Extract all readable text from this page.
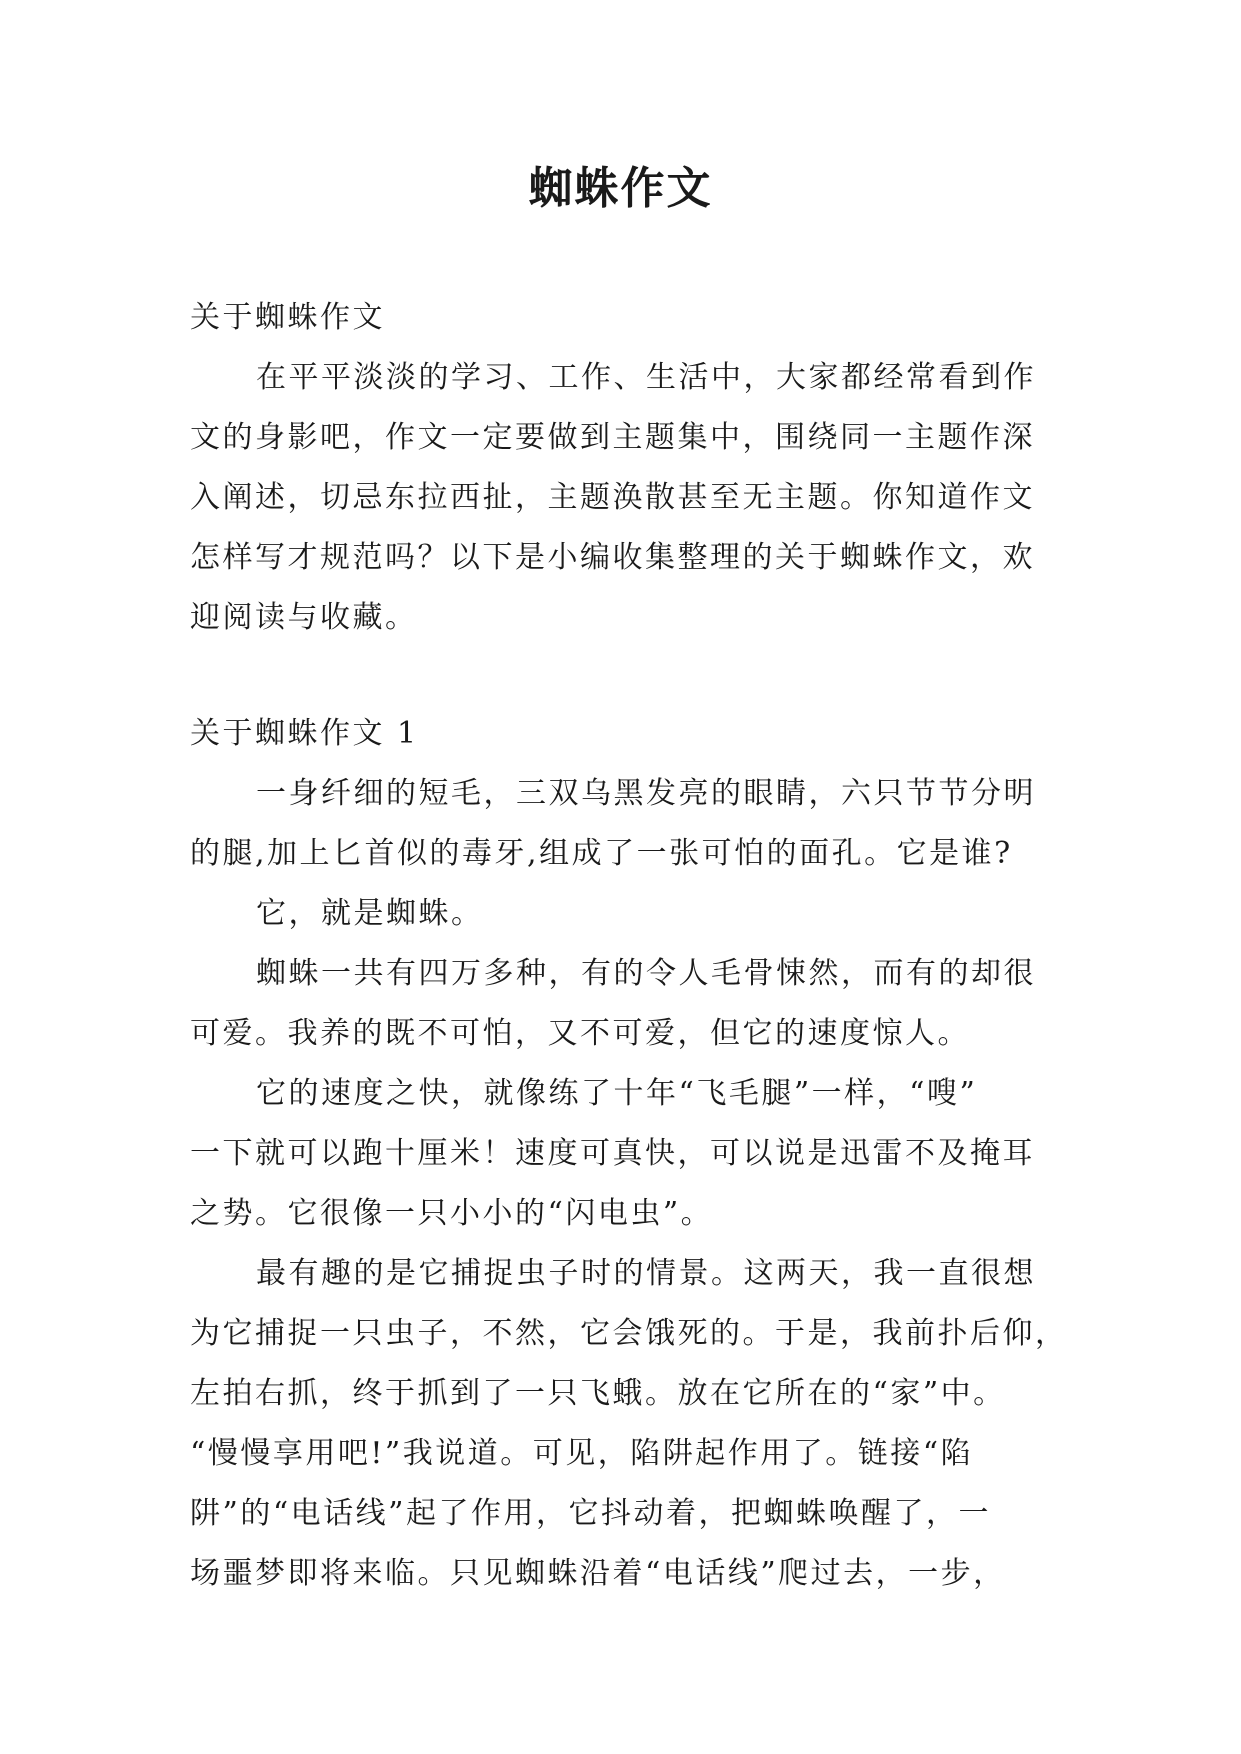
蜘蛛作文
关于蜘蛛作文
在平平淡淡的学习、工作、生活中，大家都经常看到作
文的身影吧，作文一定要做到主题集中，围绕同一主题作深
入阐述，切忌东拉西扯，主题涣散甚至无主题。你知道作文
怎样写才规范吗？以下是小编收集整理的关于蜘蛛作文，欢
迎阅读与收藏。
关于蜘蛛作文 1
一身纤细的短毛，三双乌黑发亮的眼睛，六只节节分明
的腿,加上匕首似的毒牙,组成了一张可怕的面孔。它是谁?
它，就是蜘蛛。
蜘蛛一共有四万多种，有的令人毛骨悚然，而有的却很
可爱。我养的既不可怕，又不可爱，但它的速度惊人。
它的速度之快，就像练了十年“飞毛腿”一样，“嗖”
一下就可以跑十厘米！速度可真快，可以说是迅雷不及掩耳
之势。它很像一只小小的“闪电虫”。
最有趣的是它捕捉虫子时的情景。这两天，我一直很想
为它捕捉一只虫子，不然，它会饿死的。于是，我前扑后仰，
左拍右抓，终于抓到了一只飞蛾。放在它所在的“家”中。
“慢慢享用吧!”我说道。可见，陷阱起作用了。链接“陷
阱”的“电话线”起了作用，它抖动着，把蜘蛛唤醒了，一
场噩梦即将来临。只见蜘蛛沿着“电话线”爬过去，一步，
